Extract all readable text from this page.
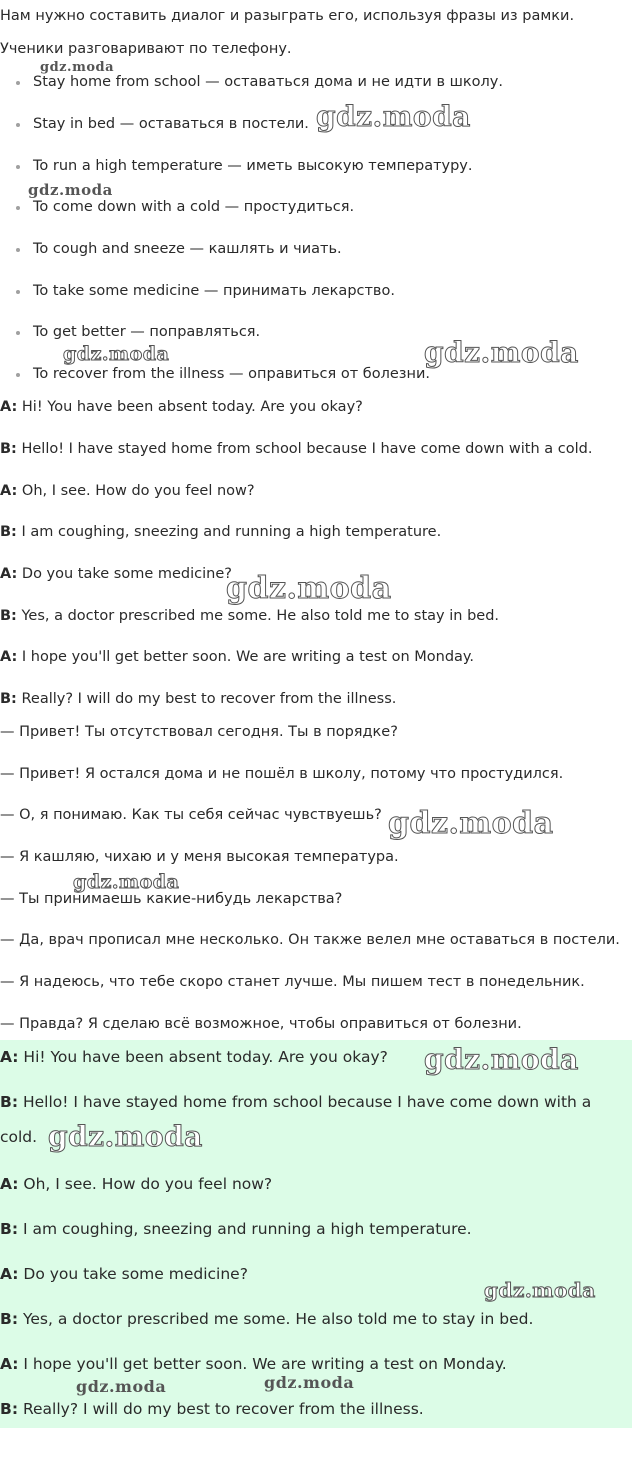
Нам нужно составить диалог и разыграть его, используя фразы из рамки.
Ученики разговаривают по телефону.
Stay home from school — оставаться дома и не идти в школу.
Stay in bed — оставаться в постели.
To run a high temperature — иметь высокую температуру.
To come down with a cold — простудиться.
To cough and sneeze — кашлять и чиать.
To take some medicine — принимать лекарство.
To get better — поправляться.
To recover from the illness — оправиться от болезни.
A: Hi! You have been absent today. Are you okay?
B: Hello! I have stayed home from school because I have come down with a cold.
A: Oh, I see. How do you feel now?
B: I am coughing, sneezing and running a high temperature.
A: Do you take some medicine?
B: Yes, a doctor prescribed me some. He also told me to stay in bed.
A: I hope you'll get better soon. We are writing a test on Monday.
B: Really? I will do my best to recover from the illness.
— Привет! Ты отсутствовал сегодня. Ты в порядке?
— Привет! Я остался дома и не пошёл в школу, потому что простудился.
— О, я понимаю. Как ты себя сейчас чувствуешь?
— Я кашляю, чихаю и у меня высокая температура.
— Ты принимаешь какие-нибудь лекарства?
— Да, врач прописал мне несколько. Он также велел мне оставаться в постели.
— Я надеюсь, что тебе скоро станет лучше. Мы пишем тест в понедельник.
— Правда? Я сделаю всё возможное, чтобы оправиться от болезни.
A: Hi! You have been absent today. Are you okay?
B: Hello! I have stayed home from school because I have come down with a cold.
A: Oh, I see. How do you feel now?
B: I am coughing, sneezing and running a high temperature.
A: Do you take some medicine?
B: Yes, a doctor prescribed me some. He also told me to stay in bed.
A: I hope you'll get better soon. We are writing a test on Monday.
B: Really? I will do my best to recover from the illness.
gdz.moda
gdz.moda
gdz.moda
gdz.moda	gdz.moda
gdz.moda
gdz.moda
gdz.moda
gdz.moda
gdz.moda
gdz.moda
gdz.moda	gdz.moda
